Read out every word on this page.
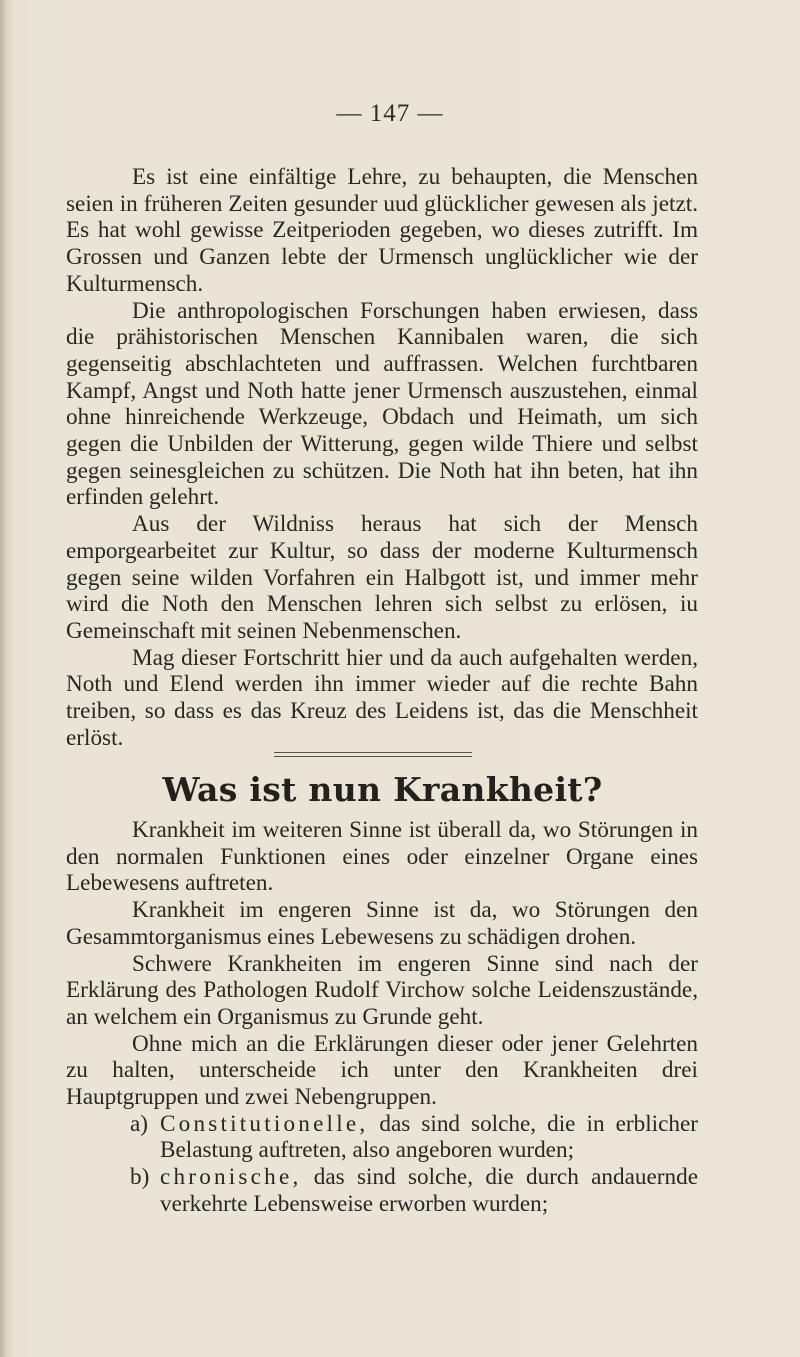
— 147 —

Es ist eine einfältige Lehre, zu behaupten, die Menschen seien in früheren Zeiten gesunder uud glücklicher gewesen als jetzt. Es hat wohl gewisse Zeitperioden gegeben, wo dieses zutrifft. Im Grossen und Ganzen lebte der Urmensch unglücklicher wie der Kulturmensch.

Die anthropologischen Forschungen haben erwiesen, dass die prähistorischen Menschen Kannibalen waren, die sich gegenseitig abschlachteten und auffrassen. Welchen furchtbaren Kampf, Angst und Noth hatte jener Urmensch auszustehen, einmal ohne hinreichende Werkzeuge, Obdach und Heimath, um sich gegen die Unbilden der Witterung, gegen wilde Thiere und selbst gegen seinesgleichen zu schützen. Die Noth hat ihn beten, hat ihn erfinden gelehrt.

Aus der Wildniss heraus hat sich der Mensch emporgearbeitet zur Kultur, so dass der moderne Kulturmensch gegen seine wilden Vorfahren ein Halbgott ist, und immer mehr wird die Noth den Menschen lehren sich selbst zu erlösen, iu Gemeinschaft mit seinen Nebenmenschen.

Mag dieser Fortschritt hier und da auch aufgehalten werden, Noth und Elend werden ihn immer wieder auf die rechte Bahn treiben, so dass es das Kreuz des Leidens ist, das die Menschheit erlöst.

Was ist nun Krankheit?

Krankheit im weiteren Sinne ist überall da, wo Störungen in den normalen Funktionen eines oder einzelner Organe eines Lebewesens auftreten.

Krankheit im engeren Sinne ist da, wo Störungen den Gesammtorganismus eines Lebewesens zu schädigen drohen.

Schwere Krankheiten im engeren Sinne sind nach der Erklärung des Pathologen Rudolf Virchow solche Leidenszustände, an welchem ein Organismus zu Grunde geht.

Ohne mich an die Erklärungen dieser oder jener Gelehrten zu halten, unterscheide ich unter den Krankheiten drei Hauptgruppen und zwei Nebengruppen.

a) Constitutionelle, das sind solche, die in erblicher Belastung auftreten, also angeboren wurden;

b) chronische, das sind solche, die durch andauernde verkehrte Lebensweise erworben wurden;
